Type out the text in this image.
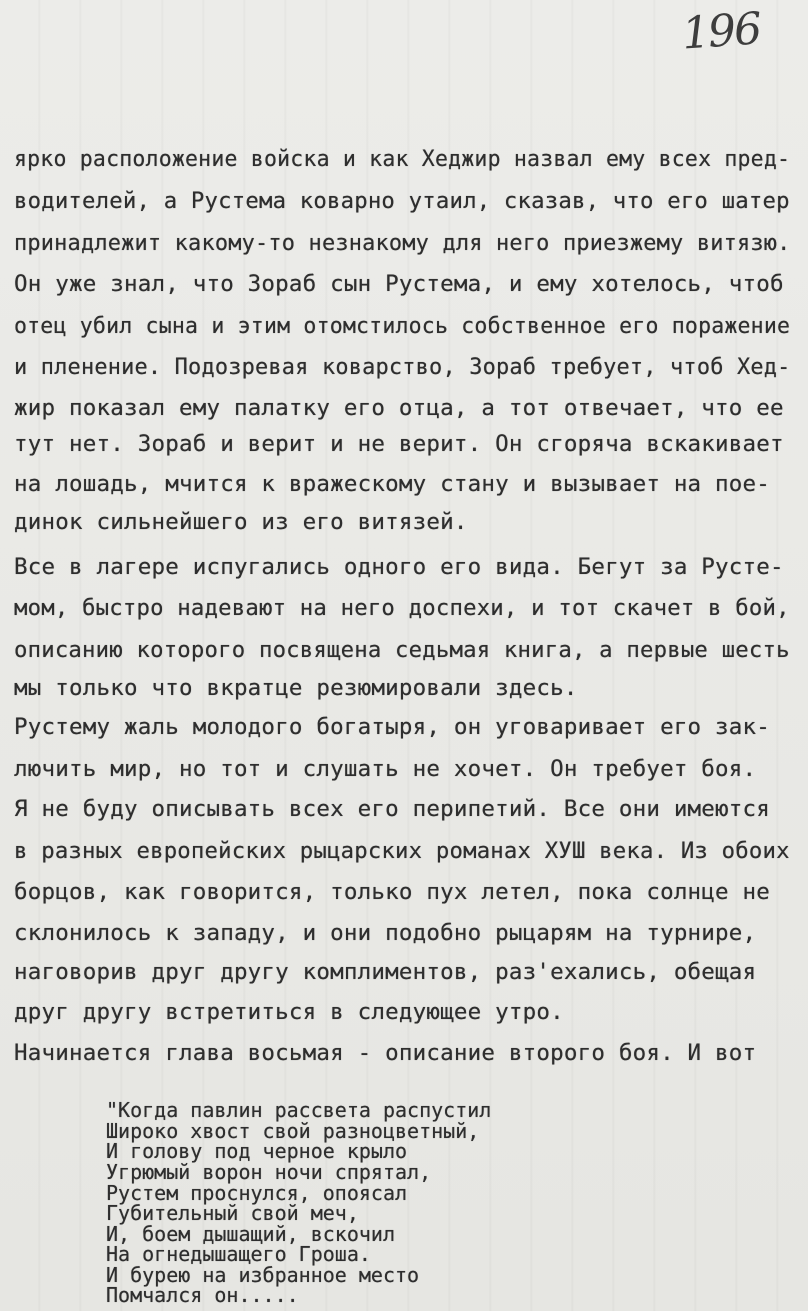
196
ярко расположение войска и как Хеджир назвал ему всех пред-
водителей, а Рустема коварно утаил, сказав, что его шатер
принадлежит какому-то незнакому для него приезжему витязю.
Он уже знал, что Зораб сын Рустема, и ему хотелось, чтоб
отец убил сына и этим отомстилось собственное его поражение
и пленение. Подозревая коварство, Зораб требует, чтоб Хед-
жир показал ему палатку его отца, а тот отвечает, что ее
тут нет. Зораб и верит и не верит. Он сгоряча вскакивает
на лошадь, мчится к вражескому стану и вызывает на пое-
динок сильнейшего из его витязей.
Все в лагере испугались одного его вида. Бегут за Русте-
мом, быстро надевают на него доспехи, и тот скачет в бой,
описанию которого посвящена седьмая книга, а первые шесть
мы только что вкратце резюмировали здесь.
Рустему жаль молодого богатыря, он уговаривает его зак-
лючить мир, но тот и слушать не хочет. Он требует боя.
Я не буду описывать всех его перипетий. Все они имеются
в разных европейских рыцарских романах ХУШ века. Из обоих
борцов, как говорится, только пух летел, пока солнце не
склонилось к западу, и они подобно рыцарям на турнире,
наговорив друг другу комплиментов, раз'ехались, обещая
друг другу встретиться в следующее утро.
Начинается глава восьмая - описание второго боя. И вот
"Когда павлин рассвета распустил
Широко хвост свой разноцветный,
И голову под черное крыло
Угрюмый ворон ночи спрятал,
Рустем проснулся, опоясал
Губительный свой меч,
И, боем дышащий, вскочил
На огнедышащего Гроша.
И бурею на избранное место
Помчался он.....
